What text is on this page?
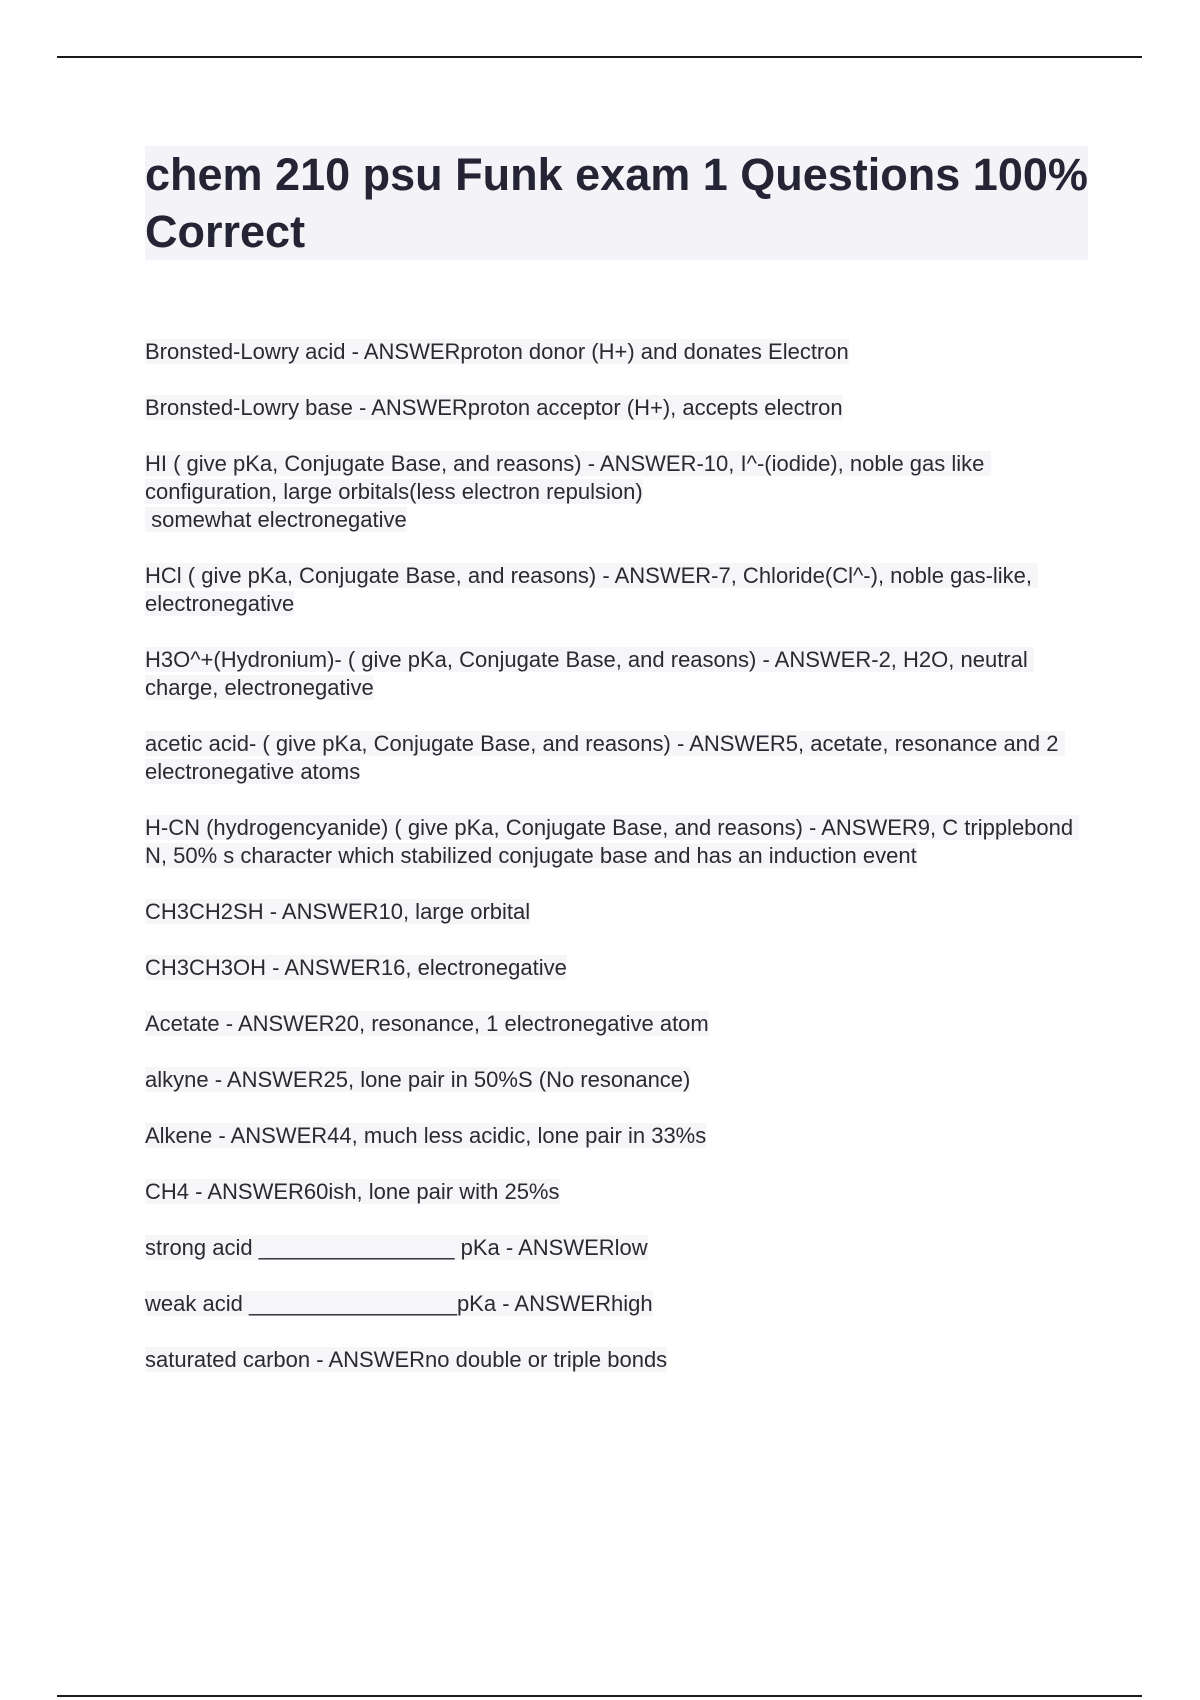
chem 210 psu Funk exam 1 Questions 100% Correct

Bronsted-Lowry acid - ANSWERproton donor (H+) and donates Electron

Bronsted-Lowry base - ANSWERproton acceptor (H+), accepts electron

HI ( give pKa, Conjugate Base, and reasons) - ANSWER-10, I^-(iodide), noble gas like configuration, large orbitals(less electron repulsion)
somewhat electronegative

HCl ( give pKa, Conjugate Base, and reasons) - ANSWER-7, Chloride(Cl^-), noble gas-like, electronegative

H3O^+(Hydronium)- ( give pKa, Conjugate Base, and reasons) - ANSWER-2, H2O, neutral charge, electronegative

acetic acid- ( give pKa, Conjugate Base, and reasons) - ANSWER5, acetate, resonance and 2 electronegative atoms

H-CN (hydrogencyanide) ( give pKa, Conjugate Base, and reasons) - ANSWER9, C tripplebond N, 50% s character which stabilized conjugate base and has an induction event

CH3CH2SH - ANSWER10, large orbital

CH3CH3OH - ANSWER16, electronegative

Acetate - ANSWER20, resonance, 1 electronegative atom

alkyne - ANSWER25, lone pair in 50%S (No resonance)

Alkene - ANSWER44, much less acidic, lone pair in 33%s

CH4 - ANSWER60ish, lone pair with 25%s

strong acid ________________ pKa - ANSWERlow

weak acid _________________pKa - ANSWERhigh

saturated carbon - ANSWERno double or triple bonds
